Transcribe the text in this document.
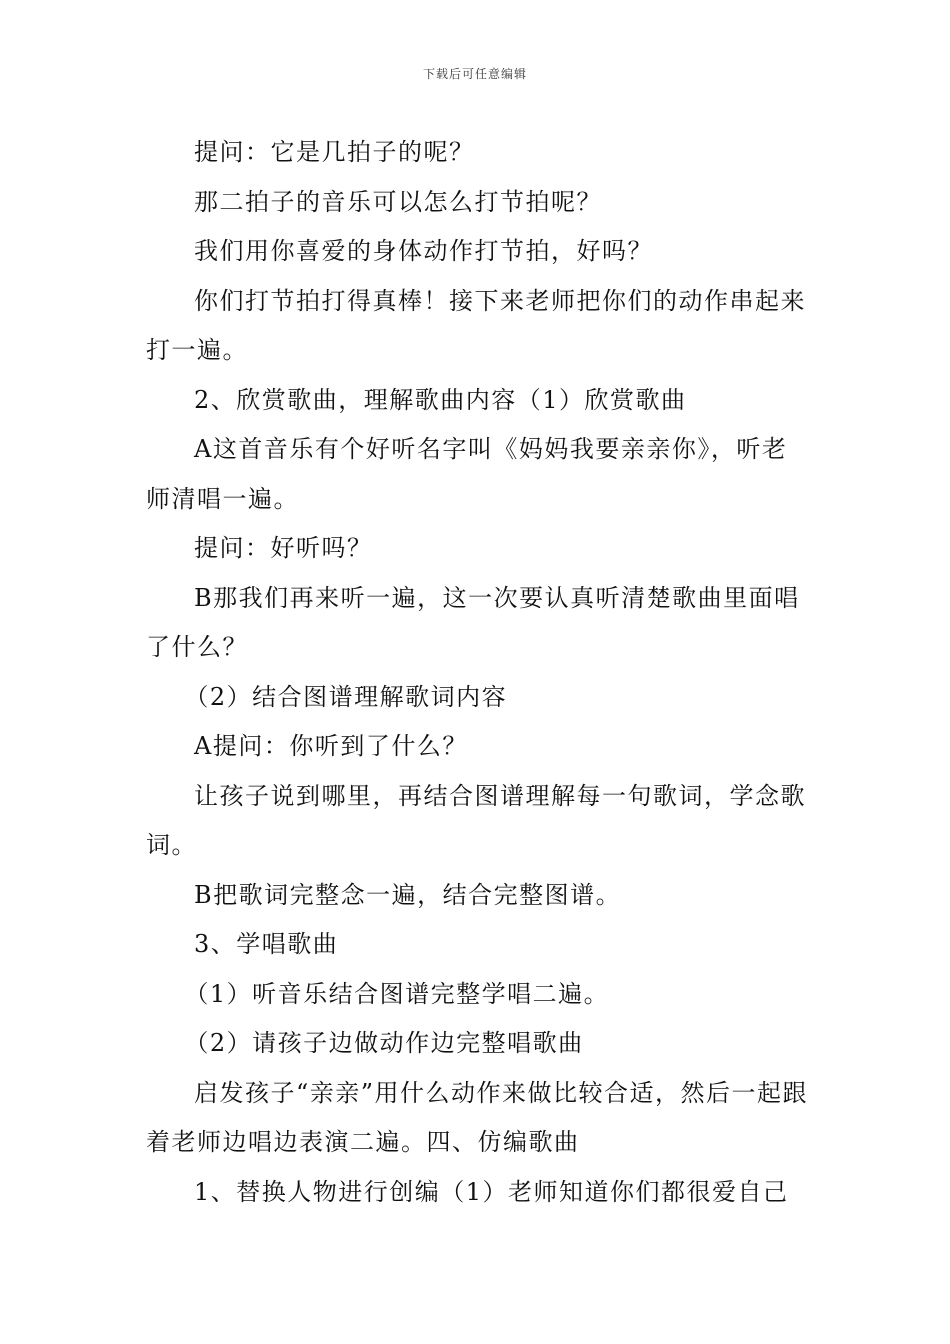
下载后可任意编辑

提问：它是几拍子的呢？

那二拍子的音乐可以怎么打节拍呢？

我们用你喜爱的身体动作打节拍，好吗？

你们打节拍打得真棒！接下来老师把你们的动作串起来打一遍。

2、欣赏歌曲，理解歌曲内容（1）欣赏歌曲

A这首音乐有个好听名字叫《妈妈我要亲亲你》，听老师清唱一遍。

提问：好听吗？

B那我们再来听一遍，这一次要认真听清楚歌曲里面唱了什么？

（2）结合图谱理解歌词内容

A提问：你听到了什么？

让孩子说到哪里，再结合图谱理解每一句歌词，学念歌词。

B把歌词完整念一遍，结合完整图谱。

3、学唱歌曲

（1）听音乐结合图谱完整学唱二遍。

（2）请孩子边做动作边完整唱歌曲

启发孩子“亲亲”用什么动作来做比较合适，然后一起跟着老师边唱边表演二遍。四、仿编歌曲

1、替换人物进行创编（1）老师知道你们都很爱自己
